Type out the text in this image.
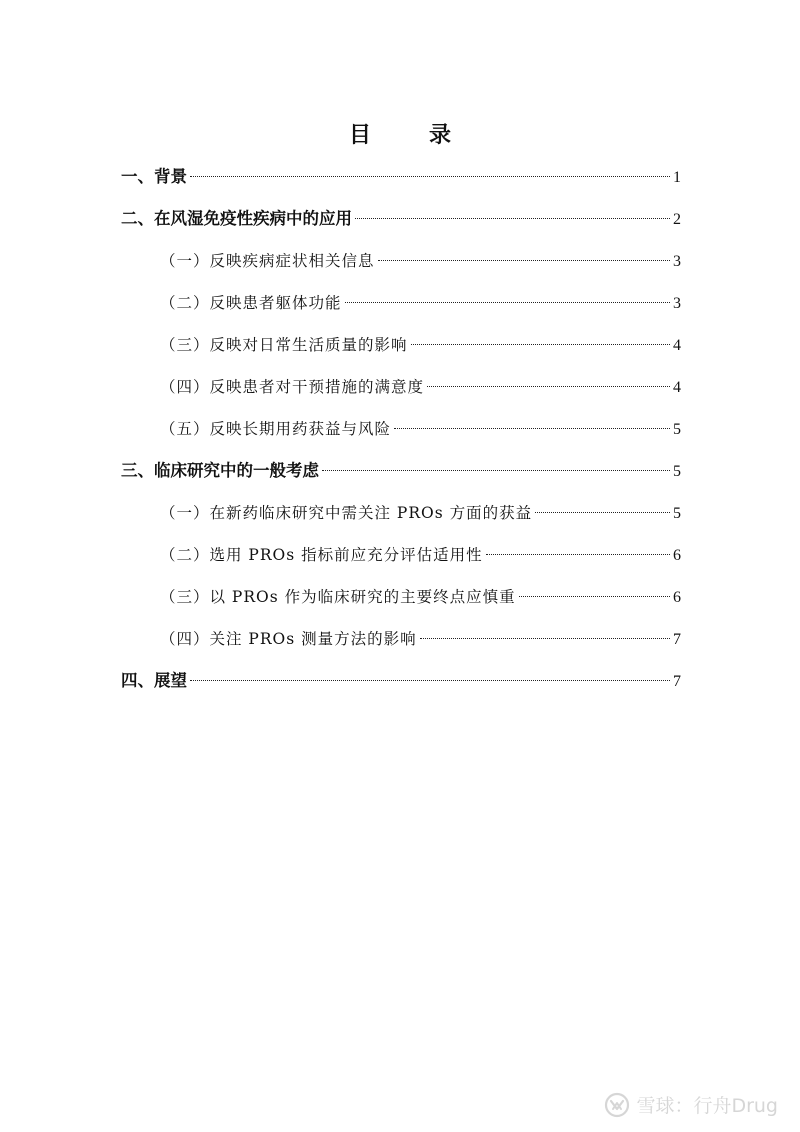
目　录
一、背景	1
二、在风湿免疫性疾病中的应用	2
（一）反映疾病症状相关信息	3
（二）反映患者躯体功能	3
（三）反映对日常生活质量的影响	4
（四）反映患者对干预措施的满意度	4
（五）反映长期用药获益与风险	5
三、临床研究中的一般考虑	5
（一）在新药临床研究中需关注 PROs 方面的获益	5
（二）选用 PROs 指标前应充分评估适用性	6
（三）以 PROs 作为临床研究的主要终点应慎重	6
（四）关注 PROs 测量方法的影响	7
四、展望	7
雪球：行舟Drug
